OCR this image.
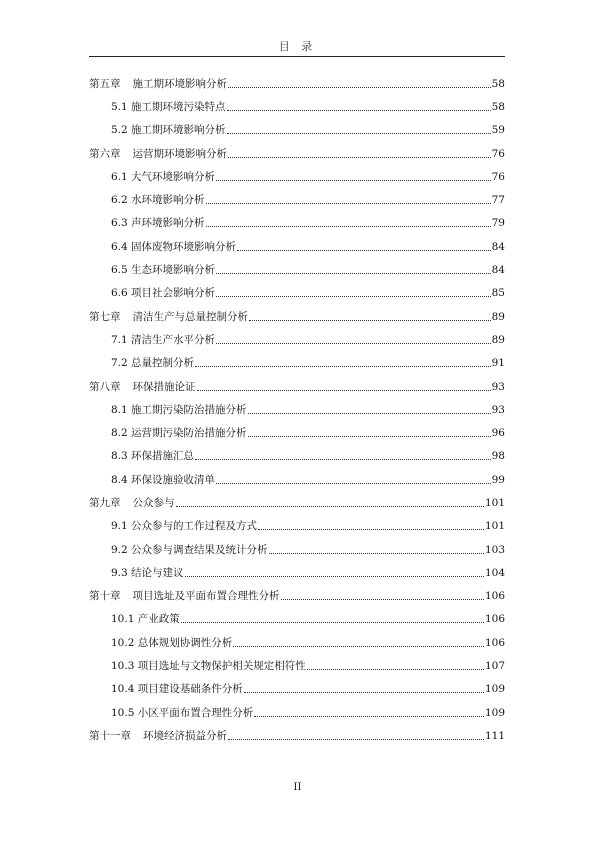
目 录
第五章 施工期环境影响分析	58
5.1 施工期环境污染特点	58
5.2 施工期环境影响分析	59
第六章 运营期环境影响分析	76
6.1 大气环境影响分析	76
6.2 水环境影响分析	77
6.3 声环境影响分析	79
6.4 固体废物环境影响分析	84
6.5 生态环境影响分析	84
6.6 项目社会影响分析	85
第七章 清洁生产与总量控制分析	89
7.1 清洁生产水平分析	89
7.2 总量控制分析	91
第八章 环保措施论证	93
8.1 施工期污染防治措施分析	93
8.2 运营期污染防治措施分析	96
8.3 环保措施汇总	98
8.4 环保设施验收清单	99
第九章 公众参与	101
9.1 公众参与的工作过程及方式	101
9.2 公众参与调查结果及统计分析	103
9.3 结论与建议	104
第十章 项目选址及平面布置合理性分析	106
10.1 产业政策	106
10.2 总体规划协调性分析	106
10.3 项目选址与文物保护相关规定相符性	107
10.4 项目建设基础条件分析	109
10.5 小区平面布置合理性分析	109
第十一章 环境经济损益分析	111
II
